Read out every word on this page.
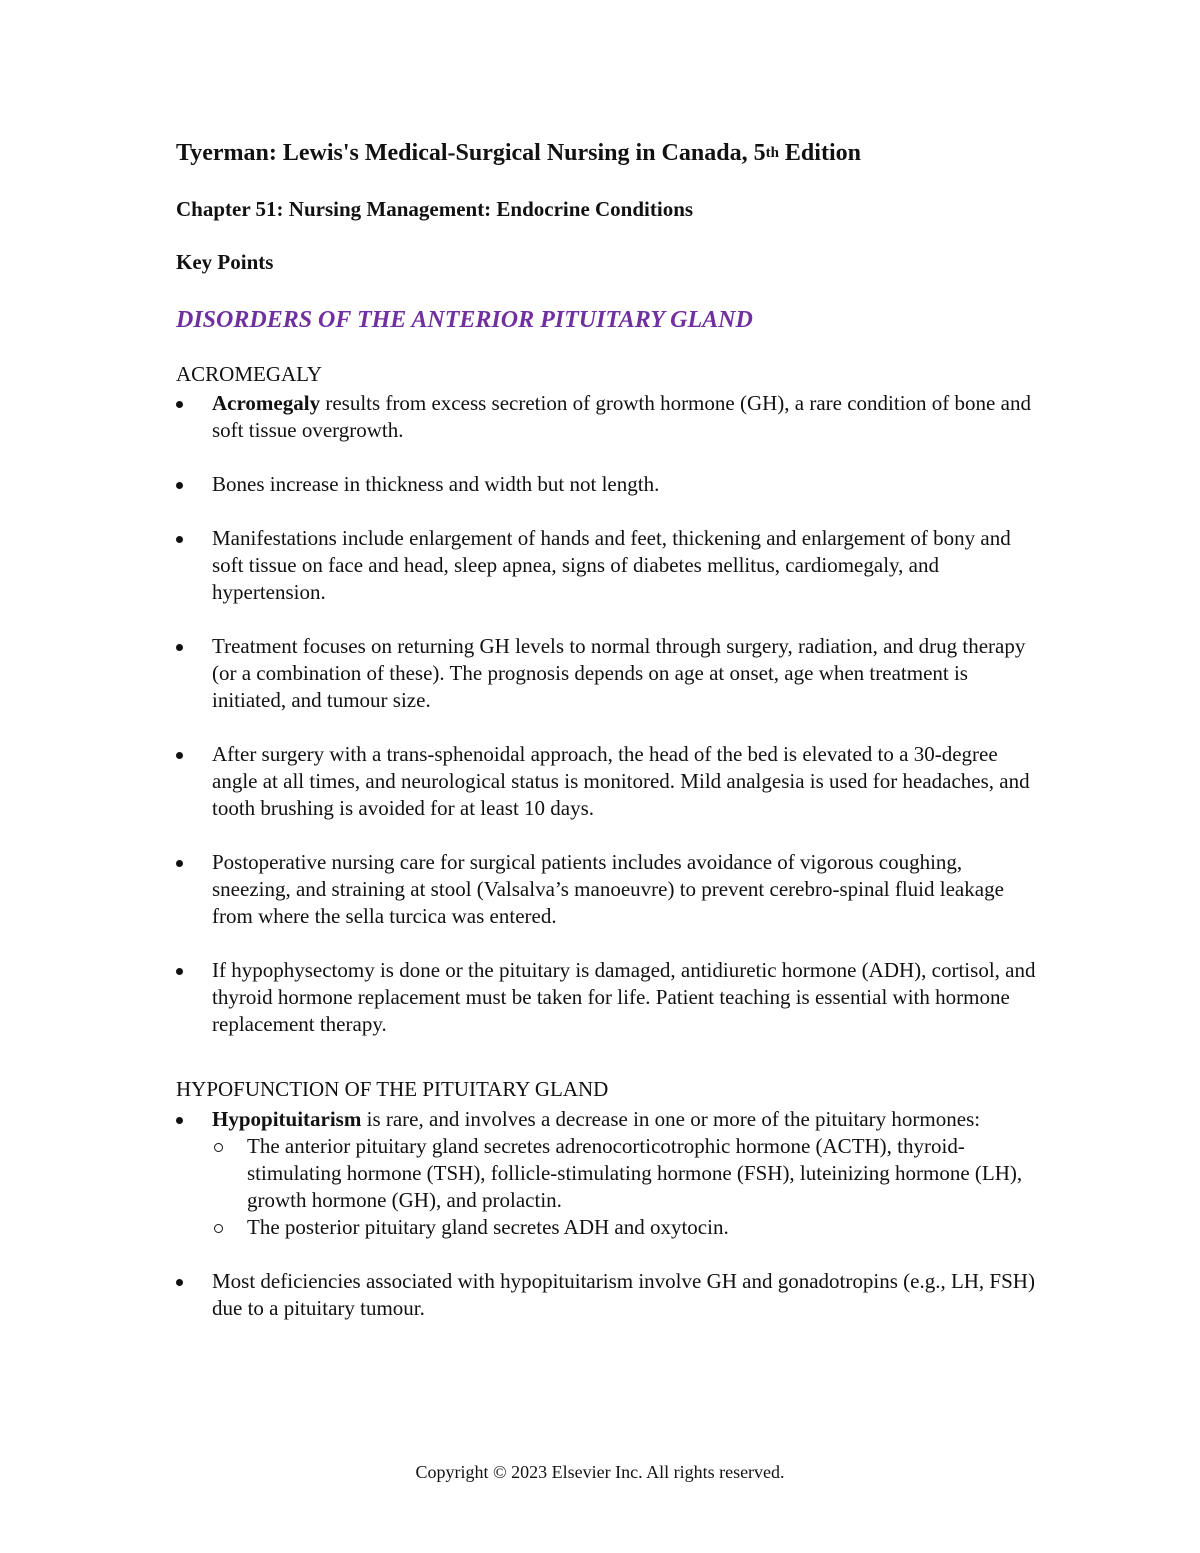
Tyerman: Lewis's Medical-Surgical Nursing in Canada, 5th Edition
Chapter 51: Nursing Management: Endocrine Conditions
Key Points
DISORDERS OF THE ANTERIOR PITUITARY GLAND
ACROMEGALY
Acromegaly results from excess secretion of growth hormone (GH), a rare condition of bone and soft tissue overgrowth.
Bones increase in thickness and width but not length.
Manifestations include enlargement of hands and feet, thickening and enlargement of bony and soft tissue on face and head, sleep apnea, signs of diabetes mellitus, cardiomegaly, and hypertension.
Treatment focuses on returning GH levels to normal through surgery, radiation, and drug therapy (or a combination of these). The prognosis depends on age at onset, age when treatment is initiated, and tumour size.
After surgery with a trans-sphenoidal approach, the head of the bed is elevated to a 30-degree angle at all times, and neurological status is monitored. Mild analgesia is used for headaches, and tooth brushing is avoided for at least 10 days.
Postoperative nursing care for surgical patients includes avoidance of vigorous coughing, sneezing, and straining at stool (Valsalva’s manoeuvre) to prevent cerebro-spinal fluid leakage from where the sella turcica was entered.
If hypophysectomy is done or the pituitary is damaged, antidiuretic hormone (ADH), cortisol, and thyroid hormone replacement must be taken for life. Patient teaching is essential with hormone replacement therapy.
HYPOFUNCTION OF THE PITUITARY GLAND
Hypopituitarism is rare, and involves a decrease in one or more of the pituitary hormones:
The anterior pituitary gland secretes adrenocorticotrophic hormone (ACTH), thyroid-stimulating hormone (TSH), follicle-stimulating hormone (FSH), luteinizing hormone (LH), growth hormone (GH), and prolactin.
The posterior pituitary gland secretes ADH and oxytocin.
Most deficiencies associated with hypopituitarism involve GH and gonadotropins (e.g., LH, FSH) due to a pituitary tumour.

Copyright © 2023 Elsevier Inc. All rights reserved.
